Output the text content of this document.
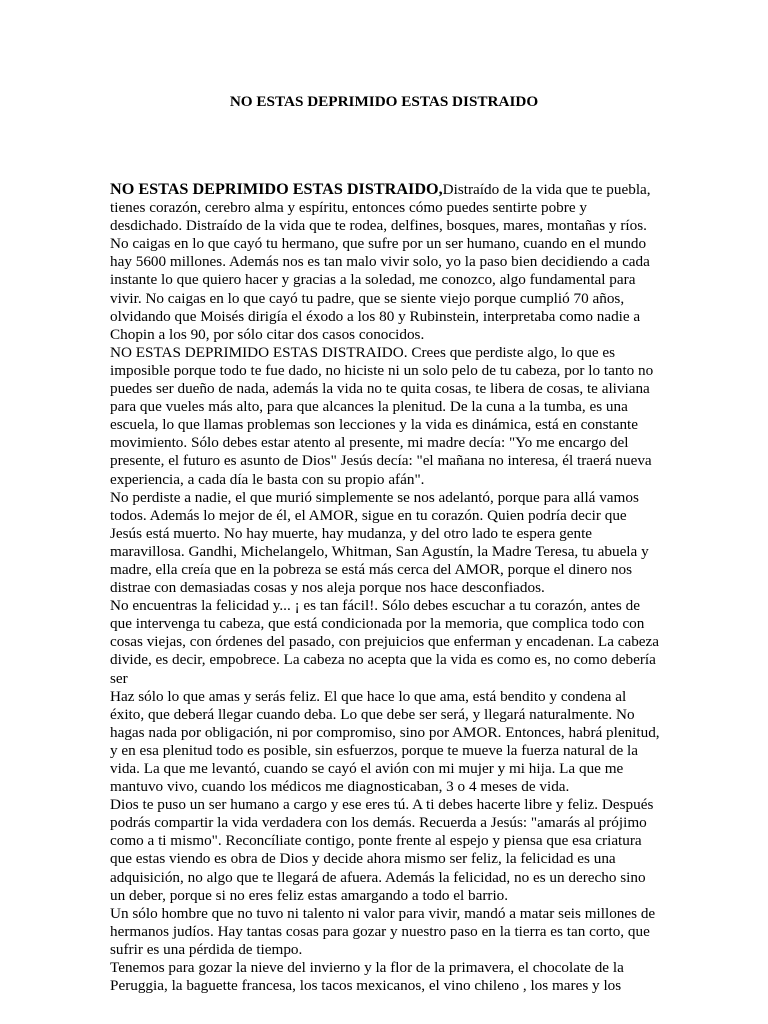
NO ESTAS DEPRIMIDO ESTAS DISTRAIDO

NO ESTAS DEPRIMIDO ESTAS DISTRAIDO,Distraído de la vida que te puebla, tienes corazón, cerebro alma y espíritu, entonces cómo puedes sentirte pobre y desdichado. Distraído de la vida que te rodea, delfines, bosques, mares, montañas y ríos. No caigas en lo que cayó tu hermano, que sufre por un ser humano, cuando en el mundo hay 5600 millones. Además nos es tan malo vivir solo, yo la paso bien decidiendo a cada instante lo que quiero hacer y gracias a la soledad, me conozco, algo fundamental para vivir. No caigas en lo que cayó tu padre, que se siente viejo porque cumplió 70 años, olvidando que Moisés dirigía el éxodo a los 80 y Rubinstein, interpretaba como nadie a Chopin a los 90, por sólo citar dos casos conocidos.

NO ESTAS DEPRIMIDO ESTAS DISTRAIDO. Crees que perdiste algo, lo que es imposible porque todo te fue dado, no hiciste ni un solo pelo de tu cabeza, por lo tanto no puedes ser dueño de nada, además la vida no te quita cosas, te libera de cosas, te aliviana para que vueles más alto, para que alcances la plenitud. De la cuna a la tumba, es una escuela, lo que llamas problemas son lecciones y la vida es dinámica, está en constante movimiento. Sólo debes estar atento al presente, mi madre decía: "Yo me encargo del presente, el futuro es asunto de Dios" Jesús decía: "el mañana no interesa, él traerá nueva experiencia, a cada día le basta con su propio afán".

No perdiste a nadie, el que murió simplemente se nos adelantó, porque para allá vamos todos. Además lo mejor de él, el AMOR, sigue en tu corazón. Quien podría decir que Jesús está muerto. No hay muerte, hay mudanza, y del otro lado te espera gente maravillosa. Gandhi, Michelangelo, Whitman, San Agustín, la Madre Teresa, tu abuela y madre, ella creía que en la pobreza se está más cerca del AMOR, porque el dinero nos distrae con demasiadas cosas y nos aleja porque nos hace desconfiados.

No encuentras la felicidad y... ¡ es tan fácil!. Sólo debes escuchar a tu corazón, antes de que intervenga tu cabeza, que está condicionada por la memoria, que complica todo con cosas viejas, con órdenes del pasado, con prejuicios que enferman y encadenan. La cabeza divide, es decir, empobrece. La cabeza no acepta que la vida es como es, no como debería ser

Haz sólo lo que amas y serás feliz. El que hace lo que ama, está bendito y condena al éxito, que deberá llegar cuando deba. Lo que debe ser será, y llegará naturalmente. No hagas nada por obligación, ni por compromiso, sino por AMOR. Entonces, habrá plenitud, y en esa plenitud todo es posible, sin esfuerzos, porque te mueve la fuerza natural de la vida. La que me levantó, cuando se cayó el avión con mi mujer y mi hija. La que me mantuvo vivo, cuando los médicos me diagnosticaban, 3 o 4 meses de vida.

Dios te puso un ser humano a cargo y ese eres tú. A ti debes hacerte libre y feliz. Después podrás compartir la vida verdadera con los demás. Recuerda a Jesús: "amarás al prójimo como a ti mismo". Reconcíliate contigo, ponte frente al espejo y piensa que esa criatura que estas viendo es obra de Dios y decide ahora mismo ser feliz, la felicidad es una adquisición, no algo que te llegará de afuera. Además la felicidad, no es un derecho sino un deber, porque si no eres feliz estas amargando a todo el barrio.

Un sólo hombre que no tuvo ni talento ni valor para vivir, mandó a matar seis millones de hermanos judíos. Hay tantas cosas para gozar y nuestro paso en la tierra es tan corto, que sufrir es una pérdida de tiempo.

Tenemos para gozar la nieve del invierno y la flor de la primavera, el chocolate de la Peruggia, la baguette francesa, los tacos mexicanos, el vino chileno , los mares y los
